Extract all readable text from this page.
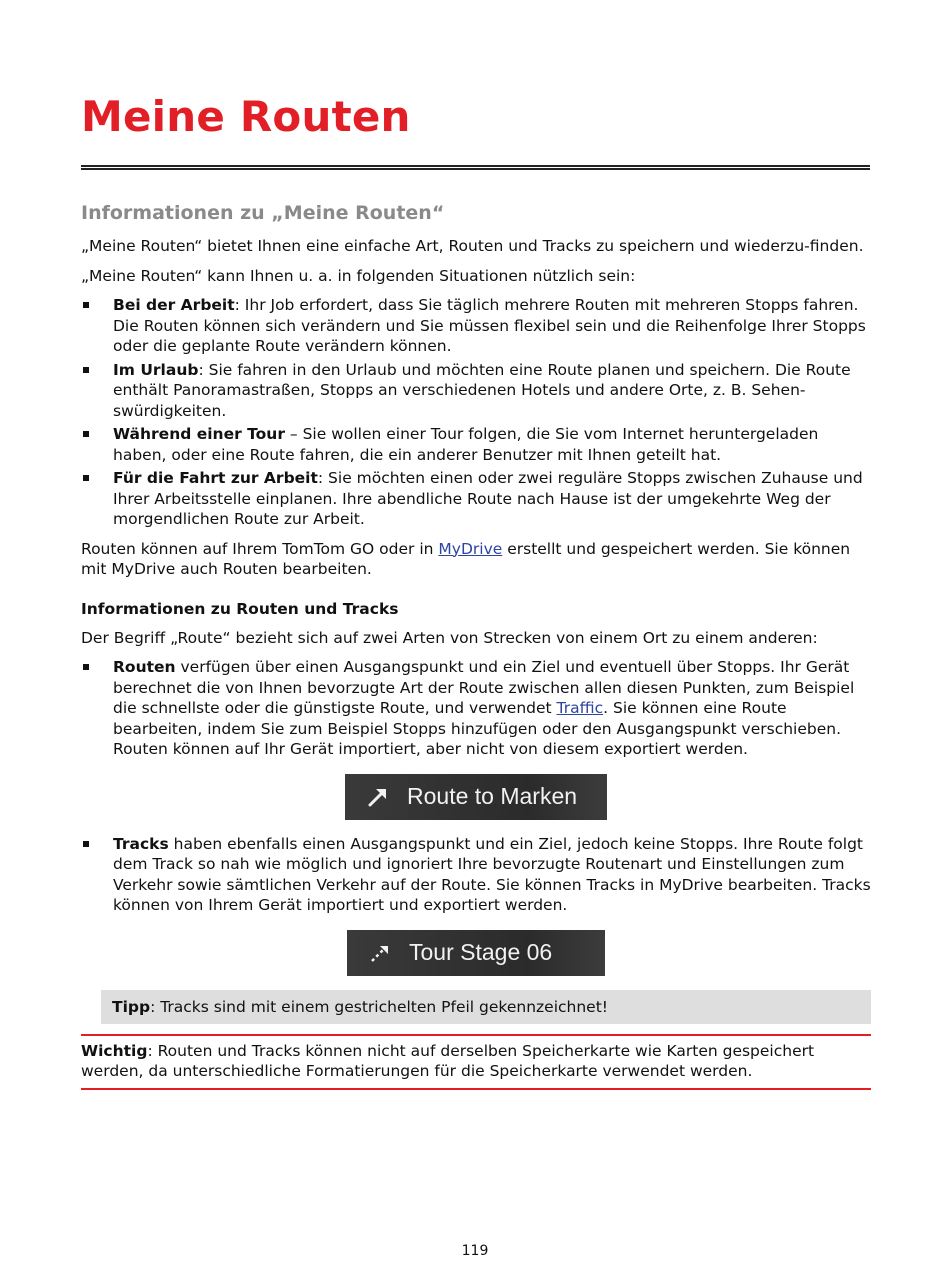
Meine Routen
Informationen zu „Meine Routen“

„Meine Routen“ bietet Ihnen eine einfache Art, Routen und Tracks zu speichern und wiederzu-finden.

„Meine Routen“ kann Ihnen u. a. in folgenden Situationen nützlich sein:

Bei der Arbeit: Ihr Job erfordert, dass Sie täglich mehrere Routen mit mehreren Stopps fahren. Die Routen können sich verändern und Sie müssen flexibel sein und die Reihenfolge Ihrer Stopps oder die geplante Route verändern können.
Im Urlaub: Sie fahren in den Urlaub und möchten eine Route planen und speichern. Die Route enthält Panoramastraßen, Stopps an verschiedenen Hotels und andere Orte, z. B. Sehen-swürdigkeiten.
Während einer Tour – Sie wollen einer Tour folgen, die Sie vom Internet heruntergeladen haben, oder eine Route fahren, die ein anderer Benutzer mit Ihnen geteilt hat.
Für die Fahrt zur Arbeit: Sie möchten einen oder zwei reguläre Stopps zwischen Zuhause und Ihrer Arbeitsstelle einplanen. Ihre abendliche Route nach Hause ist der umgekehrte Weg der morgendlichen Route zur Arbeit.

Routen können auf Ihrem TomTom GO oder in MyDrive erstellt und gespeichert werden. Sie können mit MyDrive auch Routen bearbeiten.

Informationen zu Routen und Tracks

Der Begriff „Route“ bezieht sich auf zwei Arten von Strecken von einem Ort zu einem anderen:

Routen verfügen über einen Ausgangspunkt und ein Ziel und eventuell über Stopps. Ihr Gerät berechnet die von Ihnen bevorzugte Art der Route zwischen allen diesen Punkten, zum Beispiel die schnellste oder die günstigste Route, und verwendet Traffic. Sie können eine Route bearbeiten, indem Sie zum Beispiel Stopps hinzufügen oder den Ausgangspunkt verschieben. Routen können auf Ihr Gerät importiert, aber nicht von diesem exportiert werden.
Route to Marken
Tracks haben ebenfalls einen Ausgangspunkt und ein Ziel, jedoch keine Stopps. Ihre Route folgt dem Track so nah wie möglich und ignoriert Ihre bevorzugte Routenart und Einstellungen zum Verkehr sowie sämtlichen Verkehr auf der Route. Sie können Tracks in MyDrive bearbeiten. Tracks können von Ihrem Gerät importiert und exportiert werden.
Tour Stage 06
Tipp: Tracks sind mit einem gestrichelten Pfeil gekennzeichnet!
Wichtig: Routen und Tracks können nicht auf derselben Speicherkarte wie Karten gespeichert werden, da unterschiedliche Formatierungen für die Speicherkarte verwendet werden.
119
